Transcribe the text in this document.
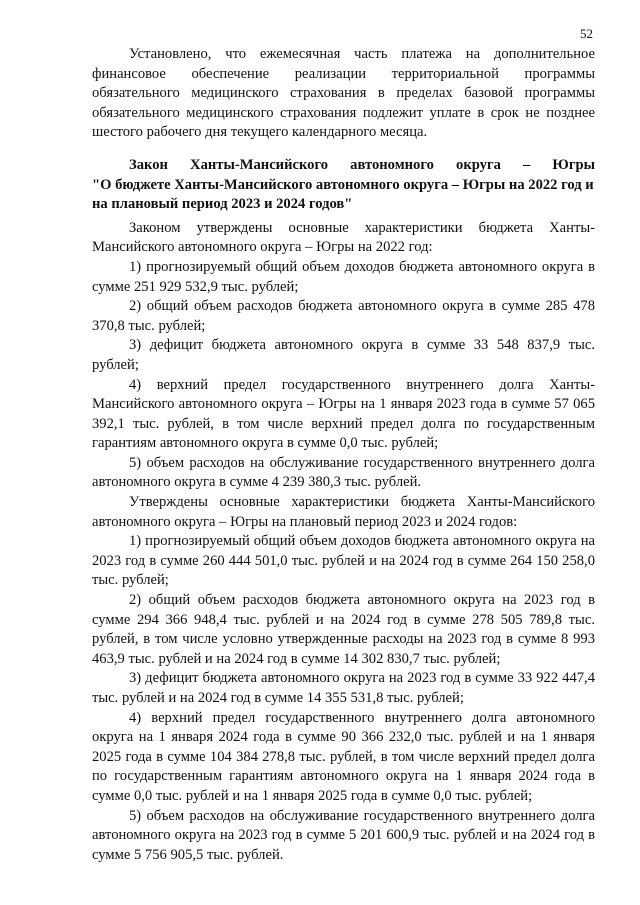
52

Установлено, что ежемесячная часть платежа на дополнительное финансовое обеспечение реализации территориальной программы обязательного медицинского страхования в пределах базовой программы обязательного медицинского страхования подлежит уплате в срок не позднее шестого рабочего дня текущего календарного месяца.

Закон Ханты-Мансийского автономного округа – Югры
"О бюджете Ханты-Мансийского автономного округа – Югры на 2022 год и на плановый период 2023 и 2024 годов"

Законом утверждены основные характеристики бюджета Ханты-Мансийского автономного округа – Югры на 2022 год:

1) прогнозируемый общий объем доходов бюджета автономного округа в сумме 251 929 532,9 тыс. рублей;

2) общий объем расходов бюджета автономного округа в сумме 285 478 370,8 тыс. рублей;

3) дефицит бюджета автономного округа в сумме 33 548 837,9 тыс. рублей;

4) верхний предел государственного внутреннего долга Ханты-Мансийского автономного округа – Югры на 1 января 2023 года в сумме 57 065 392,1 тыс. рублей, в том числе верхний предел долга по государственным гарантиям автономного округа в сумме 0,0 тыс. рублей;

5) объем расходов на обслуживание государственного внутреннего долга автономного округа в сумме 4 239 380,3 тыс. рублей.

Утверждены основные характеристики бюджета Ханты-Мансийского автономного округа – Югры на плановый период 2023 и 2024 годов:

1) прогнозируемый общий объем доходов бюджета автономного округа на 2023 год в сумме 260 444 501,0 тыс. рублей и на 2024 год в сумме 264 150 258,0 тыс. рублей;

2) общий объем расходов бюджета автономного округа на 2023 год в сумме 294 366 948,4 тыс. рублей и на 2024 год в сумме 278 505 789,8 тыс. рублей, в том числе условно утвержденные расходы на 2023 год в сумме 8 993 463,9 тыс. рублей и на 2024 год в сумме 14 302 830,7 тыс. рублей;

3) дефицит бюджета автономного округа на 2023 год в сумме 33 922 447,4 тыс. рублей и на 2024 год в сумме 14 355 531,8 тыс. рублей;

4) верхний предел государственного внутреннего долга автономного округа на 1 января 2024 года в сумме 90 366 232,0 тыс. рублей и на 1 января 2025 года в сумме 104 384 278,8 тыс. рублей, в том числе верхний предел долга по государственным гарантиям автономного округа на 1 января 2024 года в сумме 0,0 тыс. рублей и на 1 января 2025 года в сумме 0,0 тыс. рублей;

5) объем расходов на обслуживание государственного внутреннего долга автономного округа на 2023 год в сумме 5 201 600,9 тыс. рублей и на 2024 год в сумме 5 756 905,5 тыс. рублей.
